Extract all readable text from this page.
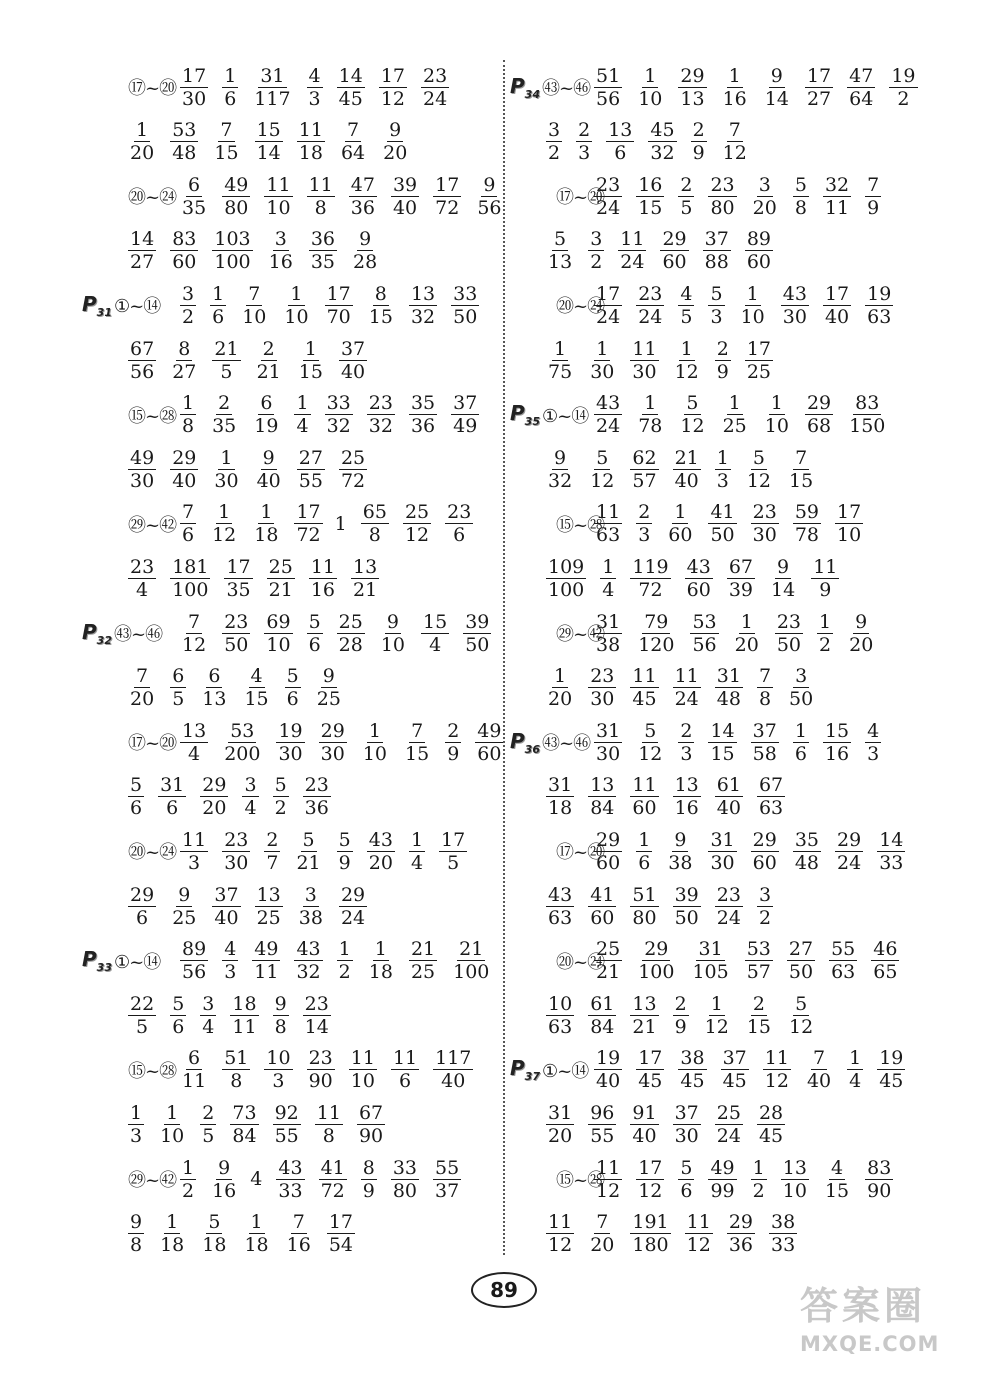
⑰~⑳ $\frac{17}{30} \frac{1}{6} \frac{31}{117} \frac{4}{3} \frac{14}{45} \frac{17}{12} \frac{23}{24}$
$\frac{1}{20} \frac{53}{48} \frac{7}{15} \frac{15}{14} \frac{11}{18} \frac{7}{64} \frac{9}{20}$
⑳~㉔ $\frac{6}{35} \frac{49}{80} \frac{11}{10} \frac{11}{8} \frac{47}{36} \frac{39}{40} \frac{17}{72} \frac{9}{56}$
$\frac{14}{27} \frac{83}{60} \frac{103}{100} \frac{3}{16} \frac{36}{35} \frac{9}{28}$
$P_{31}$ ①~⑭ $\frac{3}{2} \frac{1}{6} \frac{7}{10} \frac{1}{10} \frac{17}{70} \frac{8}{15} \frac{13}{32} \frac{33}{50}$
$\frac{67}{56} \frac{8}{27} \frac{21}{5} \frac{2}{21} \frac{1}{15} \frac{37}{40}$
⑮~㉘ $\frac{1}{8} \frac{2}{35} \frac{6}{19} \frac{1}{4} \frac{33}{32} \frac{23}{32} \frac{35}{36} \frac{37}{49}$
$\frac{49}{30} \frac{29}{40} \frac{1}{30} \frac{9}{40} \frac{27}{55} \frac{25}{72}$
㉙~㊷ $\frac{7}{6} \frac{1}{12} \frac{1}{18} \frac{17}{72} 1 \frac{65}{8} \frac{25}{12} \frac{23}{6}$
$\frac{23}{4} \frac{181}{100} \frac{17}{35} \frac{25}{21} \frac{11}{16} \frac{13}{21}$
$P_{32}$ ㊸~㊻ $\frac{7}{12} \frac{23}{50} \frac{69}{10} \frac{5}{6} \frac{25}{28} \frac{9}{10} \frac{15}{4} \frac{39}{50}$
$\frac{7}{20} \frac{6}{5} \frac{6}{13} \frac{4}{15} \frac{5}{6} \frac{9}{25}$
⑰~⑳ $\frac{13}{4} \frac{53}{200} \frac{19}{30} \frac{29}{30} \frac{1}{10} \frac{7}{15} \frac{2}{9} \frac{49}{60}$
$\frac{5}{6} \frac{31}{6} \frac{29}{20} \frac{3}{4} \frac{5}{2} \frac{23}{36}$
⑳~㉔ $\frac{11}{3} \frac{23}{30} \frac{2}{7} \frac{5}{21} \frac{5}{9} \frac{43}{20} \frac{1}{4} \frac{17}{5}$
$\frac{29}{6} \frac{9}{25} \frac{37}{40} \frac{13}{25} \frac{3}{38} \frac{29}{24}$
$P_{33}$ ①~⑭ $\frac{89}{56} \frac{4}{3} \frac{49}{11} \frac{43}{32} \frac{1}{2} \frac{1}{18} \frac{21}{25} \frac{21}{100}$
$\frac{22}{5} \frac{5}{6} \frac{3}{4} \frac{18}{11} \frac{9}{8} \frac{23}{14}$
⑮~㉘ $\frac{6}{11} \frac{51}{8} \frac{10}{3} \frac{23}{90} \frac{11}{10} \frac{11}{6} \frac{117}{40}$
$\frac{1}{3} \frac{1}{10} \frac{2}{5} \frac{73}{84} \frac{92}{55} \frac{11}{8} \frac{67}{90}$
㉙~㊷ $\frac{1}{2} \frac{9}{16} 4 \frac{43}{33} \frac{41}{72} \frac{8}{9} \frac{33}{80} \frac{55}{37}$
$\frac{9}{8} \frac{1}{18} \frac{5}{18} \frac{1}{18} \frac{7}{16} \frac{17}{54}$
$P_{34}$ ㊸~㊻ $\frac{51}{56} \frac{1}{10} \frac{29}{13} \frac{1}{16} \frac{9}{14} \frac{17}{27} \frac{47}{64} \frac{19}{2}$
$\frac{3}{2} \frac{2}{3} \frac{13}{6} \frac{45}{32} \frac{2}{9} \frac{7}{12}$
⑰~⑳
$\frac{23}{24} \frac{16}{15} \frac{2}{5} \frac{23}{80} \frac{3}{20} \frac{5}{8} \frac{32}{11} \frac{7}{9}$
$\frac{5}{13} \frac{3}{2} \frac{11}{24} \frac{29}{60} \frac{37}{88} \frac{89}{60}$
⑳~㉔
$\frac{17}{24} \frac{23}{24} \frac{4}{5} \frac{5}{3} \frac{1}{10} \frac{43}{30} \frac{17}{40} \frac{19}{63}$
$\frac{1}{75} \frac{1}{30} \frac{11}{30} \frac{1}{12} \frac{2}{9} \frac{17}{25}$
$P_{35}$ ①~⑭ $\frac{43}{24} \frac{1}{78} \frac{5}{12} \frac{1}{25} \frac{1}{10} \frac{29}{68} \frac{83}{150}$
$\frac{9}{32} \frac{5}{12} \frac{62}{57} \frac{21}{40} \frac{1}{3} \frac{5}{12} \frac{7}{15}$
⑮~㉘
$\frac{11}{63} \frac{2}{3} \frac{1}{60} \frac{41}{50} \frac{23}{30} \frac{59}{78} \frac{17}{10}$
$\frac{109}{100} \frac{1}{4} \frac{119}{72} \frac{43}{60} \frac{67}{39} \frac{9}{14} \frac{11}{9}$
㉙~㊷
$\frac{31}{38} \frac{79}{120} \frac{53}{56} \frac{1}{20} \frac{23}{50} \frac{1}{2} \frac{9}{20}$
$\frac{1}{20} \frac{23}{30} \frac{11}{45} \frac{11}{24} \frac{31}{48} \frac{7}{8} \frac{3}{50}$
$P_{36}$ ㊸~㊻ $\frac{31}{30} \frac{5}{12} \frac{2}{3} \frac{14}{15} \frac{37}{58} \frac{1}{6} \frac{15}{16} \frac{4}{3}$
$\frac{31}{18} \frac{13}{84} \frac{11}{60} \frac{13}{16} \frac{61}{40} \frac{67}{63}$
⑰~⑳
$\frac{29}{60} \frac{1}{6} \frac{9}{38} \frac{31}{30} \frac{29}{60} \frac{35}{48} \frac{29}{24} \frac{14}{33}$
$\frac{43}{63} \frac{41}{60} \frac{51}{80} \frac{39}{50} \frac{23}{24} \frac{3}{2}$
⑳~㉔
$\frac{25}{21} \frac{29}{100} \frac{31}{105} \frac{53}{57} \frac{27}{50} \frac{55}{63} \frac{46}{65}$
$\frac{10}{63} \frac{61}{84} \frac{13}{21} \frac{2}{9} \frac{1}{12} \frac{2}{15} \frac{5}{12}$
$P_{37}$ ①~⑭ $\frac{19}{40} \frac{17}{45} \frac{38}{45} \frac{37}{45} \frac{11}{12} \frac{7}{40} \frac{1}{4} \frac{19}{45}$
$\frac{31}{20} \frac{96}{55} \frac{91}{40} \frac{37}{30} \frac{25}{24} \frac{28}{45}$
⑮~㉘
$\frac{11}{12} \frac{17}{12} \frac{5}{6} \frac{49}{99} \frac{1}{2} \frac{13}{10} \frac{4}{15} \frac{83}{90}$
$\frac{11}{12} \frac{7}{20} \frac{191}{180} \frac{11}{12} \frac{29}{36} \frac{38}{33}$
89	答案圈
MXQE.COM
